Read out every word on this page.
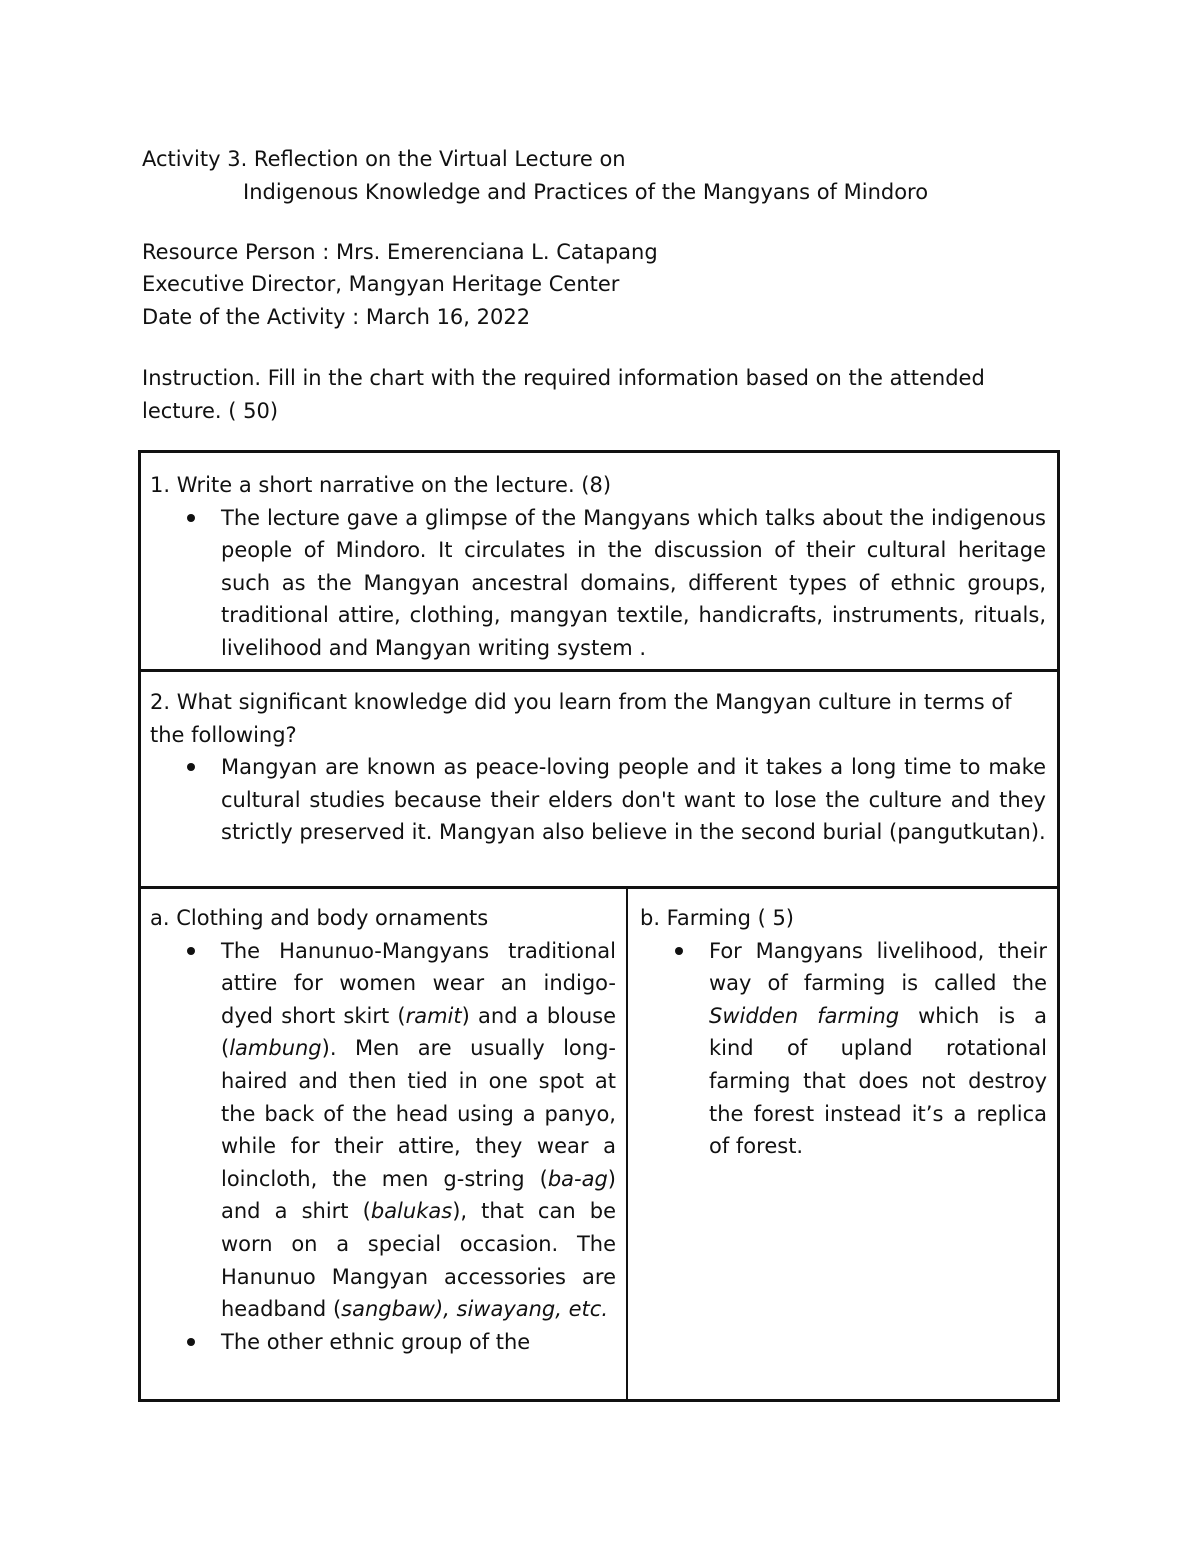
Activity 3. Reflection on the Virtual Lecture on
Indigenous Knowledge and Practices of the Mangyans of Mindoro
Resource Person : Mrs. Emerenciana L. Catapang
Executive Director, Mangyan Heritage Center
Date of the Activity : March 16, 2022
Instruction. Fill in the chart with the required information based on the attended lecture. ( 50)

1. Write a short narrative on the lecture. (8)

The lecture gave a glimpse of the Mangyans which talks about the indigenous people of Mindoro. It circulates in the discussion of their cultural heritage such as the Mangyan ancestral domains, different types of ethnic groups, traditional attire, clothing, mangyan textile, handicrafts, instruments, rituals, livelihood and Mangyan writing system .

2. What significant knowledge did you learn from the Mangyan culture in terms of the following?

Mangyan are known as peace-loving people and it takes a long time to make cultural studies because their elders don't want to lose the culture and they strictly preserved it. Mangyan also believe in the second burial (pangutkutan).

a. Clothing and body ornaments

The Hanunuo-Mangyans traditional attire for women wear an indigo-dyed short skirt (ramit) and a blouse (lambung). Men are usually long-haired and then tied in one spot at the back of the head using a panyo, while for their attire, they wear a loincloth, the men g-string (ba-ag) and a shirt (balukas), that can be worn on a special occasion. The Hanunuo Mangyan accessories are headband (sangbaw), siwayang, etc.
The other ethnic group of the

b. Farming ( 5)

For Mangyans livelihood, their way of farming is called the Swidden farming which is a kind of upland rotational farming that does not destroy the forest instead it’s a replica of forest.
